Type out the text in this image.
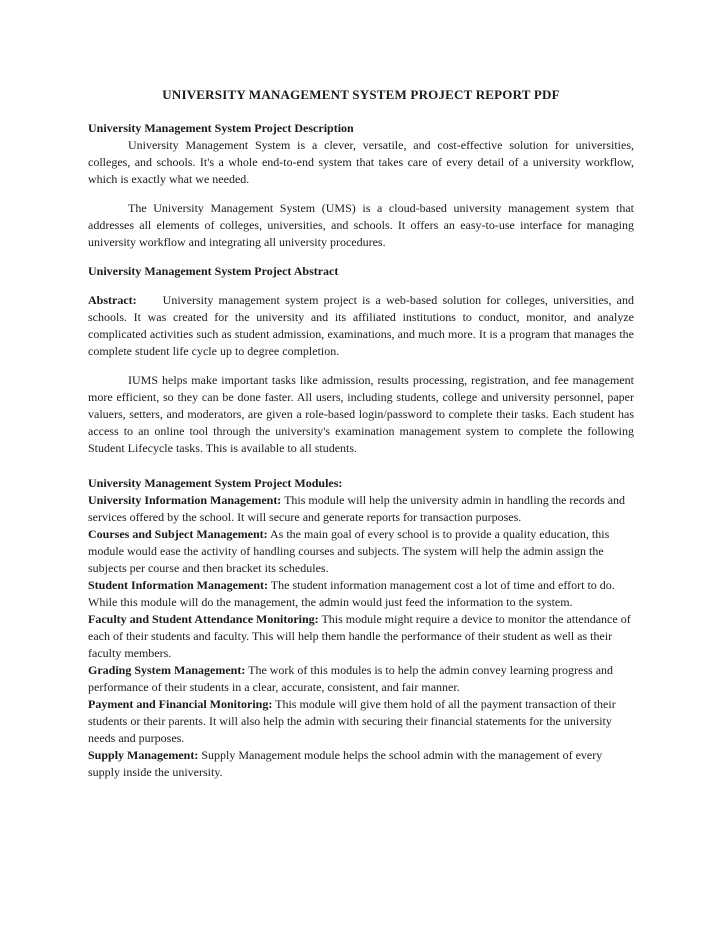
UNIVERSITY MANAGEMENT SYSTEM PROJECT REPORT PDF
University Management System Project Description

University Management System is a clever, versatile, and cost-effective solution for universities, colleges, and schools. It's a whole end-to-end system that takes care of every detail of a university workflow, which is exactly what we needed.

The University Management System (UMS) is a cloud-based university management system that addresses all elements of colleges, universities, and schools. It offers an easy-to-use interface for managing university workflow and integrating all university procedures.

University Management System Project Abstract

Abstract: University management system project is a web-based solution for colleges, universities, and schools. It was created for the university and its affiliated institutions to conduct, monitor, and analyze complicated activities such as student admission, examinations, and much more. It is a program that manages the complete student life cycle up to degree completion.

IUMS helps make important tasks like admission, results processing, registration, and fee management more efficient, so they can be done faster. All users, including students, college and university personnel, paper valuers, setters, and moderators, are given a role-based login/password to complete their tasks. Each student has access to an online tool through the university's examination management system to complete the following Student Lifecycle tasks. This is available to all students.

University Management System Project Modules:

University Information Management: This module will help the university admin in handling the records and services offered by the school. It will secure and generate reports for transaction purposes.

Courses and Subject Management: As the main goal of every school is to provide a quality education, this module would ease the activity of handling courses and subjects. The system will help the admin assign the subjects per course and then bracket its schedules.

Student Information Management: The student information management cost a lot of time and effort to do. While this module will do the management, the admin would just feed the information to the system.

Faculty and Student Attendance Monitoring: This module might require a device to monitor the attendance of each of their students and faculty. This will help them handle the performance of their student as well as their faculty members.

Grading System Management: The work of this modules is to help the admin convey learning progress and performance of their students in a clear, accurate, consistent, and fair manner.

Payment and Financial Monitoring: This module will give them hold of all the payment transaction of their students or their parents. It will also help the admin with securing their financial statements for the university needs and purposes.

Supply Management: Supply Management module helps the school admin with the management of every supply inside the university.
